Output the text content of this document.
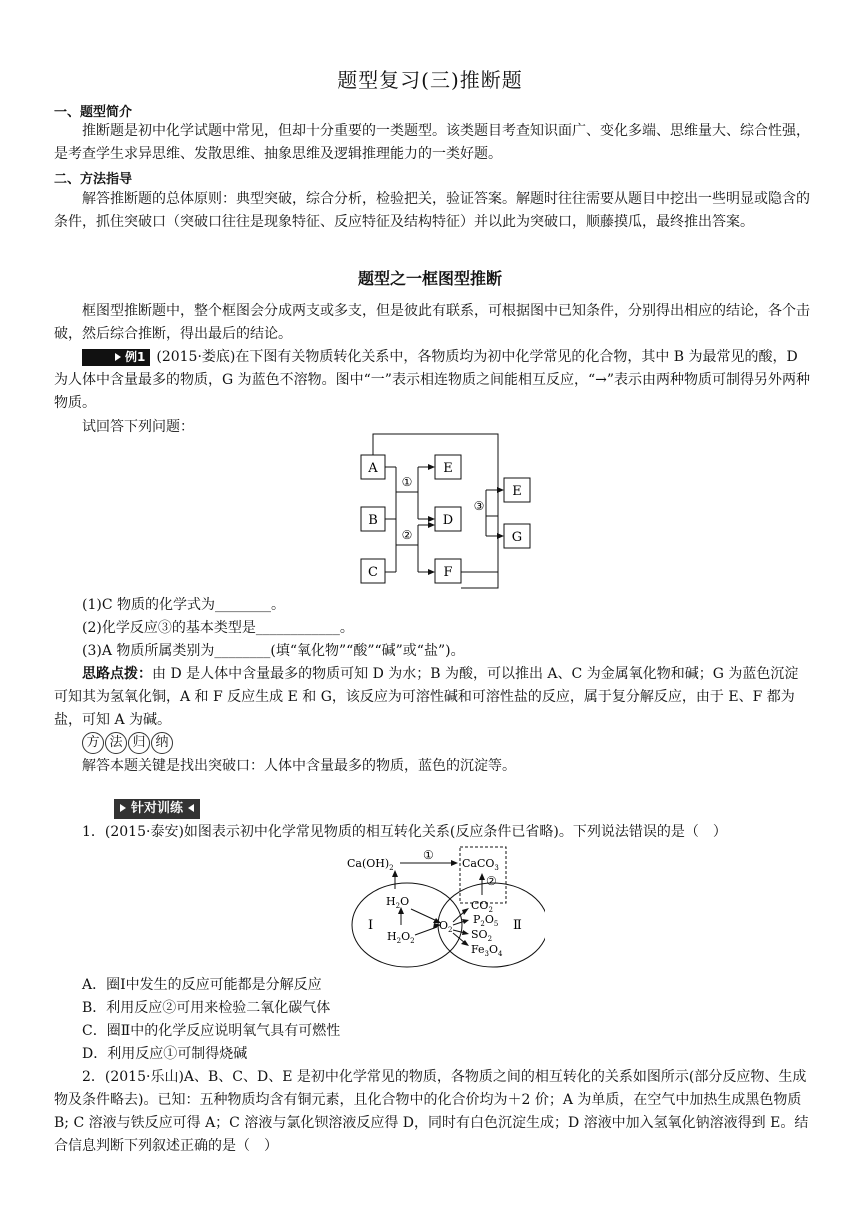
题型复习(三)推断题
一、题型简介
推断题是初中化学试题中常见，但却十分重要的一类题型。该类题目考查知识面广、变化多端、思维量大、综合性强，是考查学生求异思维、发散思维、抽象思维及逻辑推理能力的一类好题。
二、方法指导
解答推断题的总体原则：典型突破，综合分析，检验把关，验证答案。解题时往往需要从题目中挖出一些明显或隐含的条件，抓住突破口（突破口往往是现象特征、反应特征及结构特征）并以此为突破口，顺藤摸瓜，最终推出答案。
题型之一框图型推断
框图型推断题中，整个框图会分成两支或多支，但是彼此有联系，可根据图中已知条件，分别得出相应的结论，各个击破，然后综合推断，得出最后的结论。
例1 (2015·娄底)在下图有关物质转化关系中，各物质均为初中化学常见的化合物，其中 B 为最常见的酸，D 为人体中含量最多的物质，G 为蓝色不溶物。图中“一”表示相连物质之间能相互反应，“→”表示由两种物质可制得另外两种物质。
试回答下列问题：
A
B
C
E
D
F
E
G
①
②
③
(1)C 物质的化学式为________。
(2)化学反应③的基本类型是____________。
(3)A 物质所属类别为________(填“氧化物”“酸”“碱”或“盐”)。
思路点拨：由 D 是人体中含量最多的物质可知 D 为水；B 为酸，可以推出 A、C 为金属氧化物和碱；G 为蓝色沉淀可知其为氢氧化铜，A 和 F 反应生成 E 和 G，该反应为可溶性碱和可溶性盐的反应，属于复分解反应，由于 E、F 都为盐，可知 A 为碱。
方 法 归 纳
解答本题关键是找出突破口：人体中含量最多的物质，蓝色的沉淀等。
针对训练
1．(2015·泰安)如图表示初中化学常见物质的相互转化关系(反应条件已省略)。下列说法错误的是（　）
$Ca(OH)_2$	CaCO$_3$
①
②
$H_2O$
$H_2O_2$
$O_2$
$CO_2$
$P_2O_5$
$SO_2$
$Fe_3O_4$
Ⅰ	Ⅱ
A．圈Ⅰ中发生的反应可能都是分解反应
B．利用反应②可用来检验二氧化碳气体
C．圈Ⅱ中的化学反应说明氧气具有可燃性
D．利用反应①可制得烧碱
2．(2015·乐山)A、B、C、D、E 是初中化学常见的物质，各物质之间的相互转化的关系如图所示(部分反应物、生成物及条件略去)。已知：五种物质均含有铜元素，且化合物中的化合价均为＋2 价；A 为单质，在空气中加热生成黑色物质 B; C 溶液与铁反应可得 A；C 溶液与氯化钡溶液反应得 D，同时有白色沉淀生成；D 溶液中加入氢氧化钠溶液得到 E。结合信息判断下列叙述正确的是（　）
